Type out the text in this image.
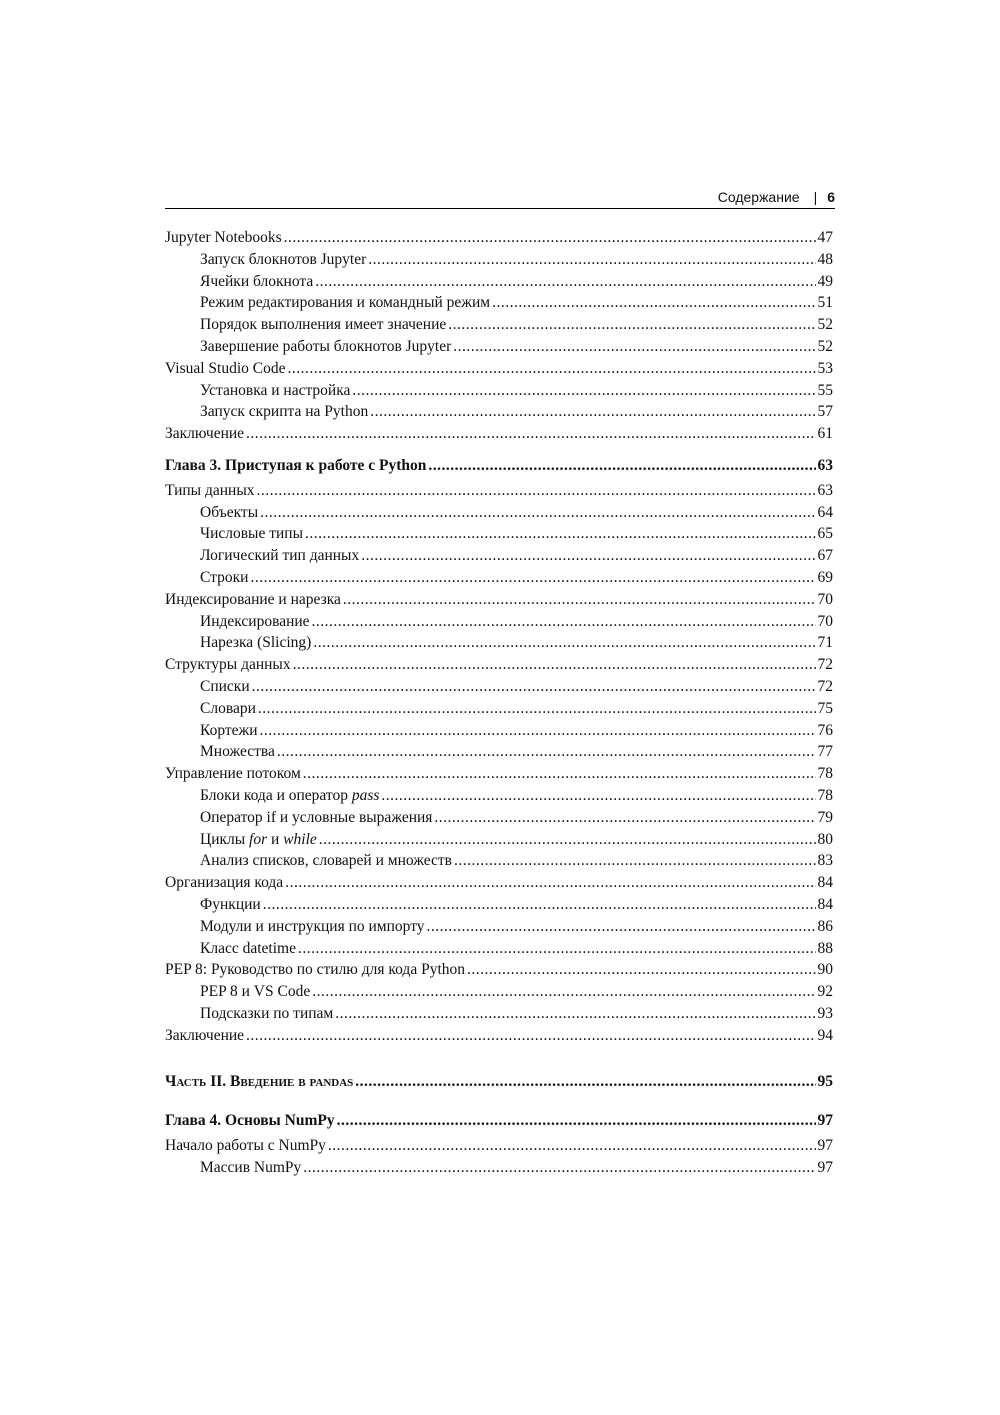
Содержание | 6
Jupyter Notebooks .....	47
Запуск блокнотов Jupyter .....	48
Ячейки блокнота .....	49
Режим редактирования и командный режим .....	51
Порядок выполнения имеет значение .....	52
Завершение работы блокнотов Jupyter .....	52
Visual Studio Code .....	53
Установка и настройка .....	55
Запуск скрипта на Python .....	57
Заключение .....	61
Глава 3. Приступая к работе с Python .....	63
Типы данных .....	63
Объекты .....	64
Числовые типы .....	65
Логический тип данных .....	67
Строки .....	69
Индексирование и нарезка .....	70
Индексирование .....	70
Нарезка (Slicing) .....	71
Структуры данных .....	72
Списки .....	72
Словари .....	75
Кортежи .....	76
Множества .....	77
Управление потоком .....	78
Блоки кода и оператор pass .....	78
Оператор if и условные выражения .....	79
Циклы for и while .....	80
Анализ списков, словарей и множеств .....	83
Организация кода .....	84
Функции .....	84
Модули и инструкция по импорту .....	86
Класс datetime .....	88
PEP 8: Руководство по стилю для кода Python .....	90
PEP 8 и VS Code .....	92
Подсказки по типам .....	93
Заключение .....	94
Часть II. Введение в pandas .....	95
Глава 4. Основы NumPy .....	97
Начало работы с NumPy .....	97
Массив NumPy .....	97
